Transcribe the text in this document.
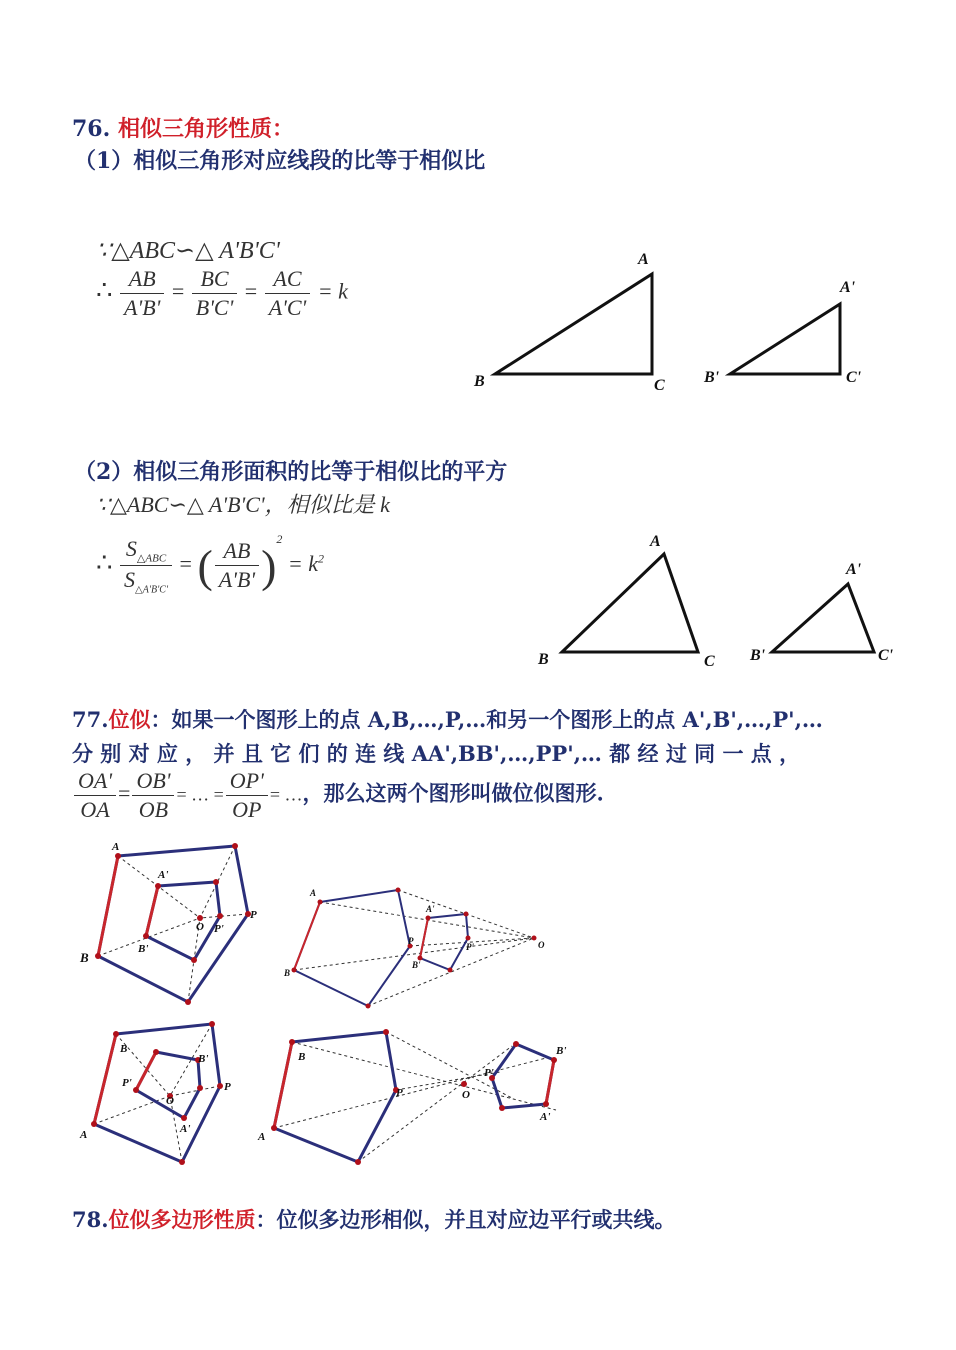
76. 相似三角形性质：
（1）相似三角形对应线段的比等于相似比
∵△ABC∽△ A'B'C'
∴ $\frac{AB}{A'B'} = \frac{BC}{B'C'} = \frac{AC}{A'C'} = k$
A
B	C
A'
B'	C'
（2）相似三角形面积的比等于相似比的平方
∵△ABC∽△ A'B'C'，相似比是 k
∴ $\frac{S_{\triangle ABC}}{S_{\triangle A'B'C'}}$ = ( $\frac{AB}{A'B'} )^2 = k^2$
A
B	C
A'
B'	C'
77.位似：如果一个图形上的点 A,B,…,P,…和另一个图形上的点 A',B',…,P',…
分 别 对 应 ， 并 且 它 们 的 连 线 AA',BB',…,PP',… 都 经 过 同 一 点 ，
$\frac{OA'}{OA} = \frac{OB'}{OB}$ = … = $\frac{OP'}{OP}$ = …，那么这两个图形叫做位似图形.
A
A'
B
B'
O P'
P
A
A'
B
B'
P
P'	O
B
B'
P'
O
P
A'
A
B
P
A
O
P'
B'
A'
78.位似多边形性质：位似多边形相似，并且对应边平行或共线。
